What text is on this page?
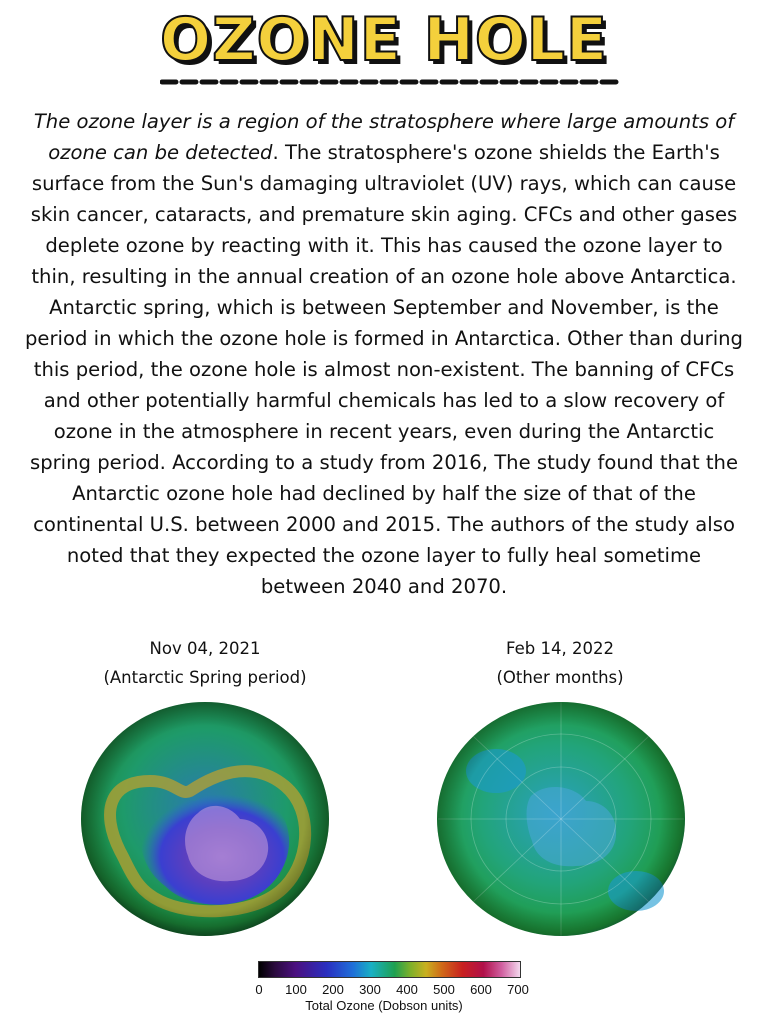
OZONE HOLE

The ozone layer is a region of the stratosphere where large amounts of ozone can be detected. The stratosphere's ozone shields the Earth's surface from the Sun's damaging ultraviolet (UV) rays, which can cause skin cancer, cataracts, and premature skin aging. CFCs and other gases deplete ozone by reacting with it. This has caused the ozone layer to thin, resulting in the annual creation of an ozone hole above Antarctica. Antarctic spring, which is between September and November, is the period in which the ozone hole is formed in Antarctica. Other than during this period, the ozone hole is almost non-existent. The banning of CFCs and other potentially harmful chemicals has led to a slow recovery of ozone in the atmosphere in recent years, even during the Antarctic spring period. According to a study from 2016, The study found that the Antarctic ozone hole had declined by half the size of that of the continental U.S. between 2000 and 2015. The authors of the study also noted that they expected the ozone layer to fully heal sometime between 2040 and 2070.

Nov 04, 2021
(Antarctic Spring period)
Feb 14, 2022
(Other months)
0 100 200 300 400 500 600 700
Total Ozone (Dobson units)
